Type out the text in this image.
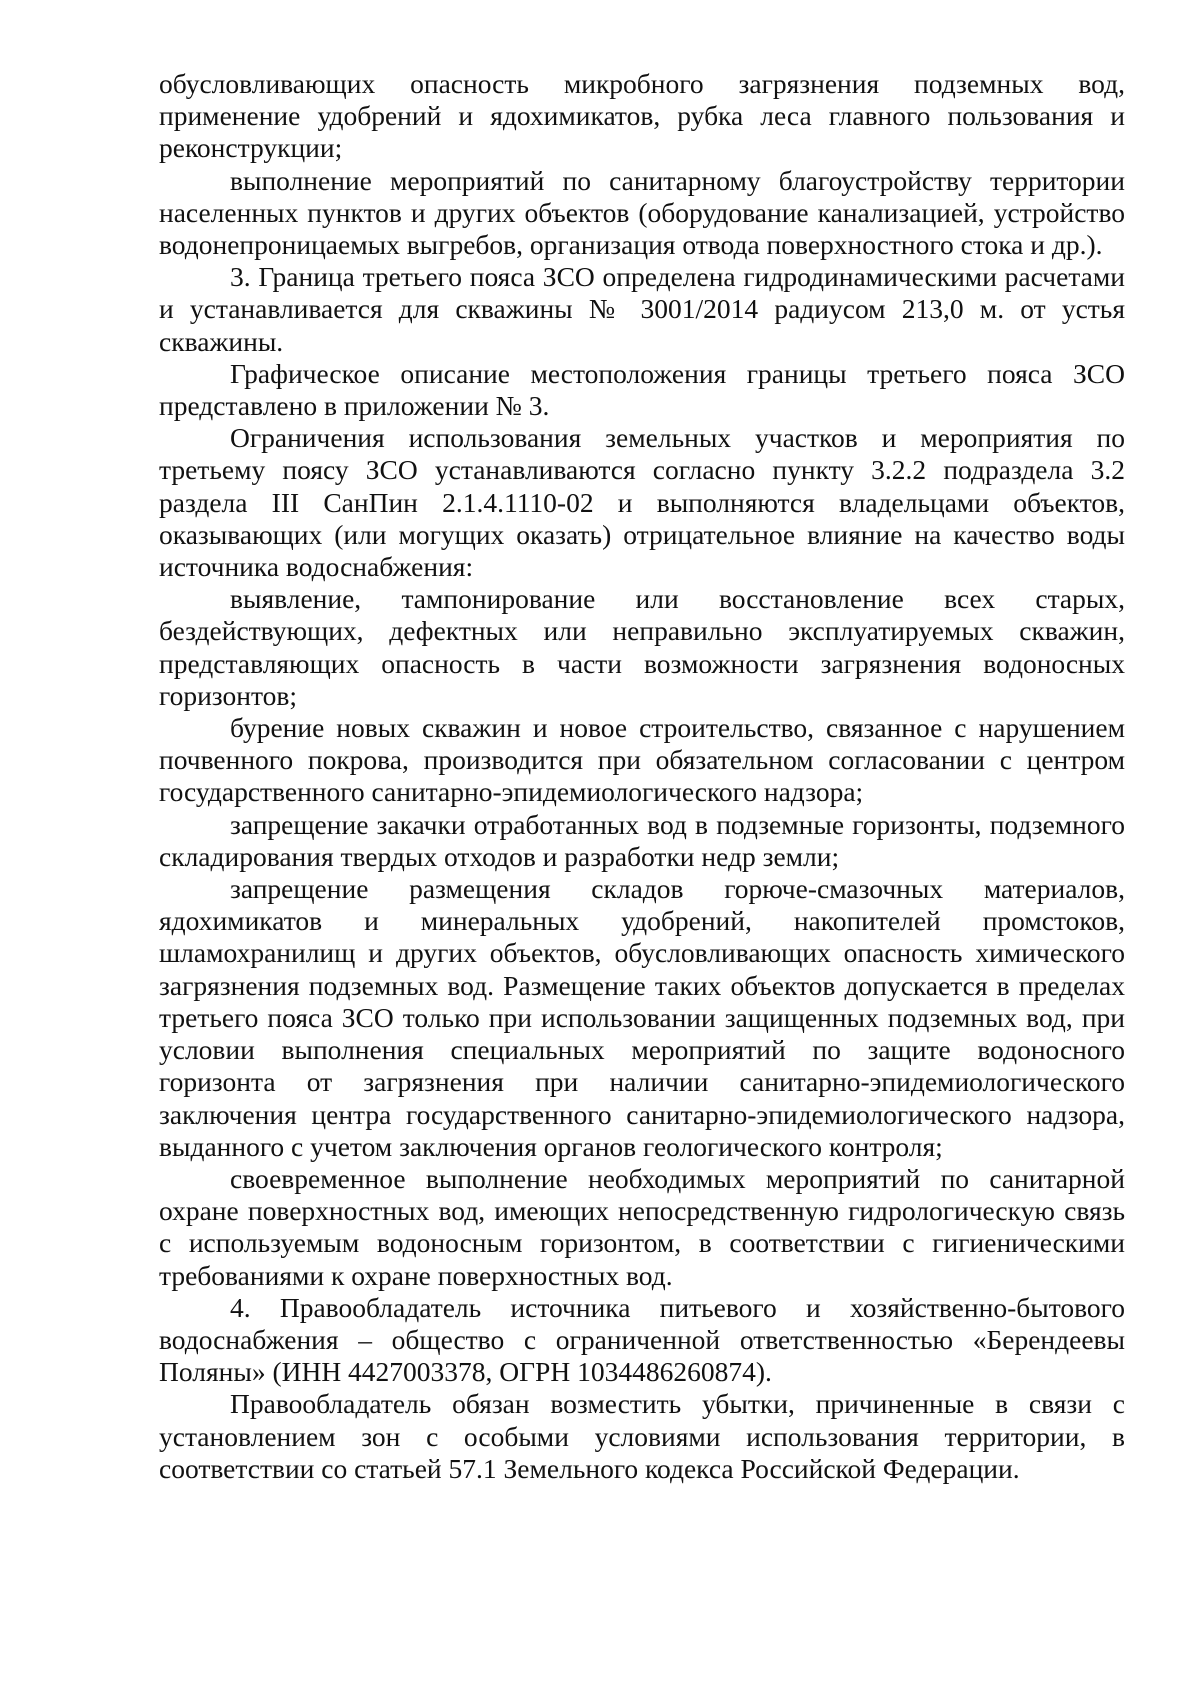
обусловливающих опасность микробного загрязнения подземных вод, применение удобрений и ядохимикатов, рубка леса главного пользования и реконструкции;

выполнение мероприятий по санитарному благоустройству территории населенных пунктов и других объектов (оборудование канализацией, устройство водонепроницаемых выгребов, организация отвода поверхностного стока и др.).

3. Граница третьего пояса ЗСО определена гидродинамическими расчетами и устанавливается для скважины № 3001/2014 радиусом 213,0 м. от устья скважины.

Графическое описание местоположения границы третьего пояса ЗСО представлено в приложении № 3.

Ограничения использования земельных участков и мероприятия по третьему поясу ЗСО устанавливаются согласно пункту 3.2.2 подраздела 3.2 раздела III СанПин 2.1.4.1110-02 и выполняются владельцами объектов, оказывающих (или могущих оказать) отрицательное влияние на качество воды источника водоснабжения:

выявление, тампонирование или восстановление всех старых, бездействующих, дефектных или неправильно эксплуатируемых скважин, представляющих опасность в части возможности загрязнения водоносных горизонтов;

бурение новых скважин и новое строительство, связанное с нарушением почвенного покрова, производится при обязательном согласовании с центром государственного санитарно-эпидемиологического надзора;

запрещение закачки отработанных вод в подземные горизонты, подземного складирования твердых отходов и разработки недр земли;

запрещение размещения складов горюче-смазочных материалов, ядохимикатов и минеральных удобрений, накопителей промстоков, шламохранилищ и других объектов, обусловливающих опасность химического загрязнения подземных вод. Размещение таких объектов допускается в пределах третьего пояса ЗСО только при использовании защищенных подземных вод, при условии выполнения специальных мероприятий по защите водоносного горизонта от загрязнения при наличии санитарно-эпидемиологического заключения центра государственного санитарно-эпидемиологического надзора, выданного с учетом заключения органов геологического контроля;

своевременное выполнение необходимых мероприятий по санитарной охране поверхностных вод, имеющих непосредственную гидрологическую связь с используемым водоносным горизонтом, в соответствии с гигиеническими требованиями к охране поверхностных вод.

4. Правообладатель источника питьевого и хозяйственно-бытового водоснабжения – общество с ограниченной ответственностью «Берендеевы Поляны» (ИНН 4427003378, ОГРН 1034486260874).

Правообладатель обязан возместить убытки, причиненные в связи с установлением зон с особыми условиями использования территории, в соответствии со статьей 57.1 Земельного кодекса Российской Федерации.
